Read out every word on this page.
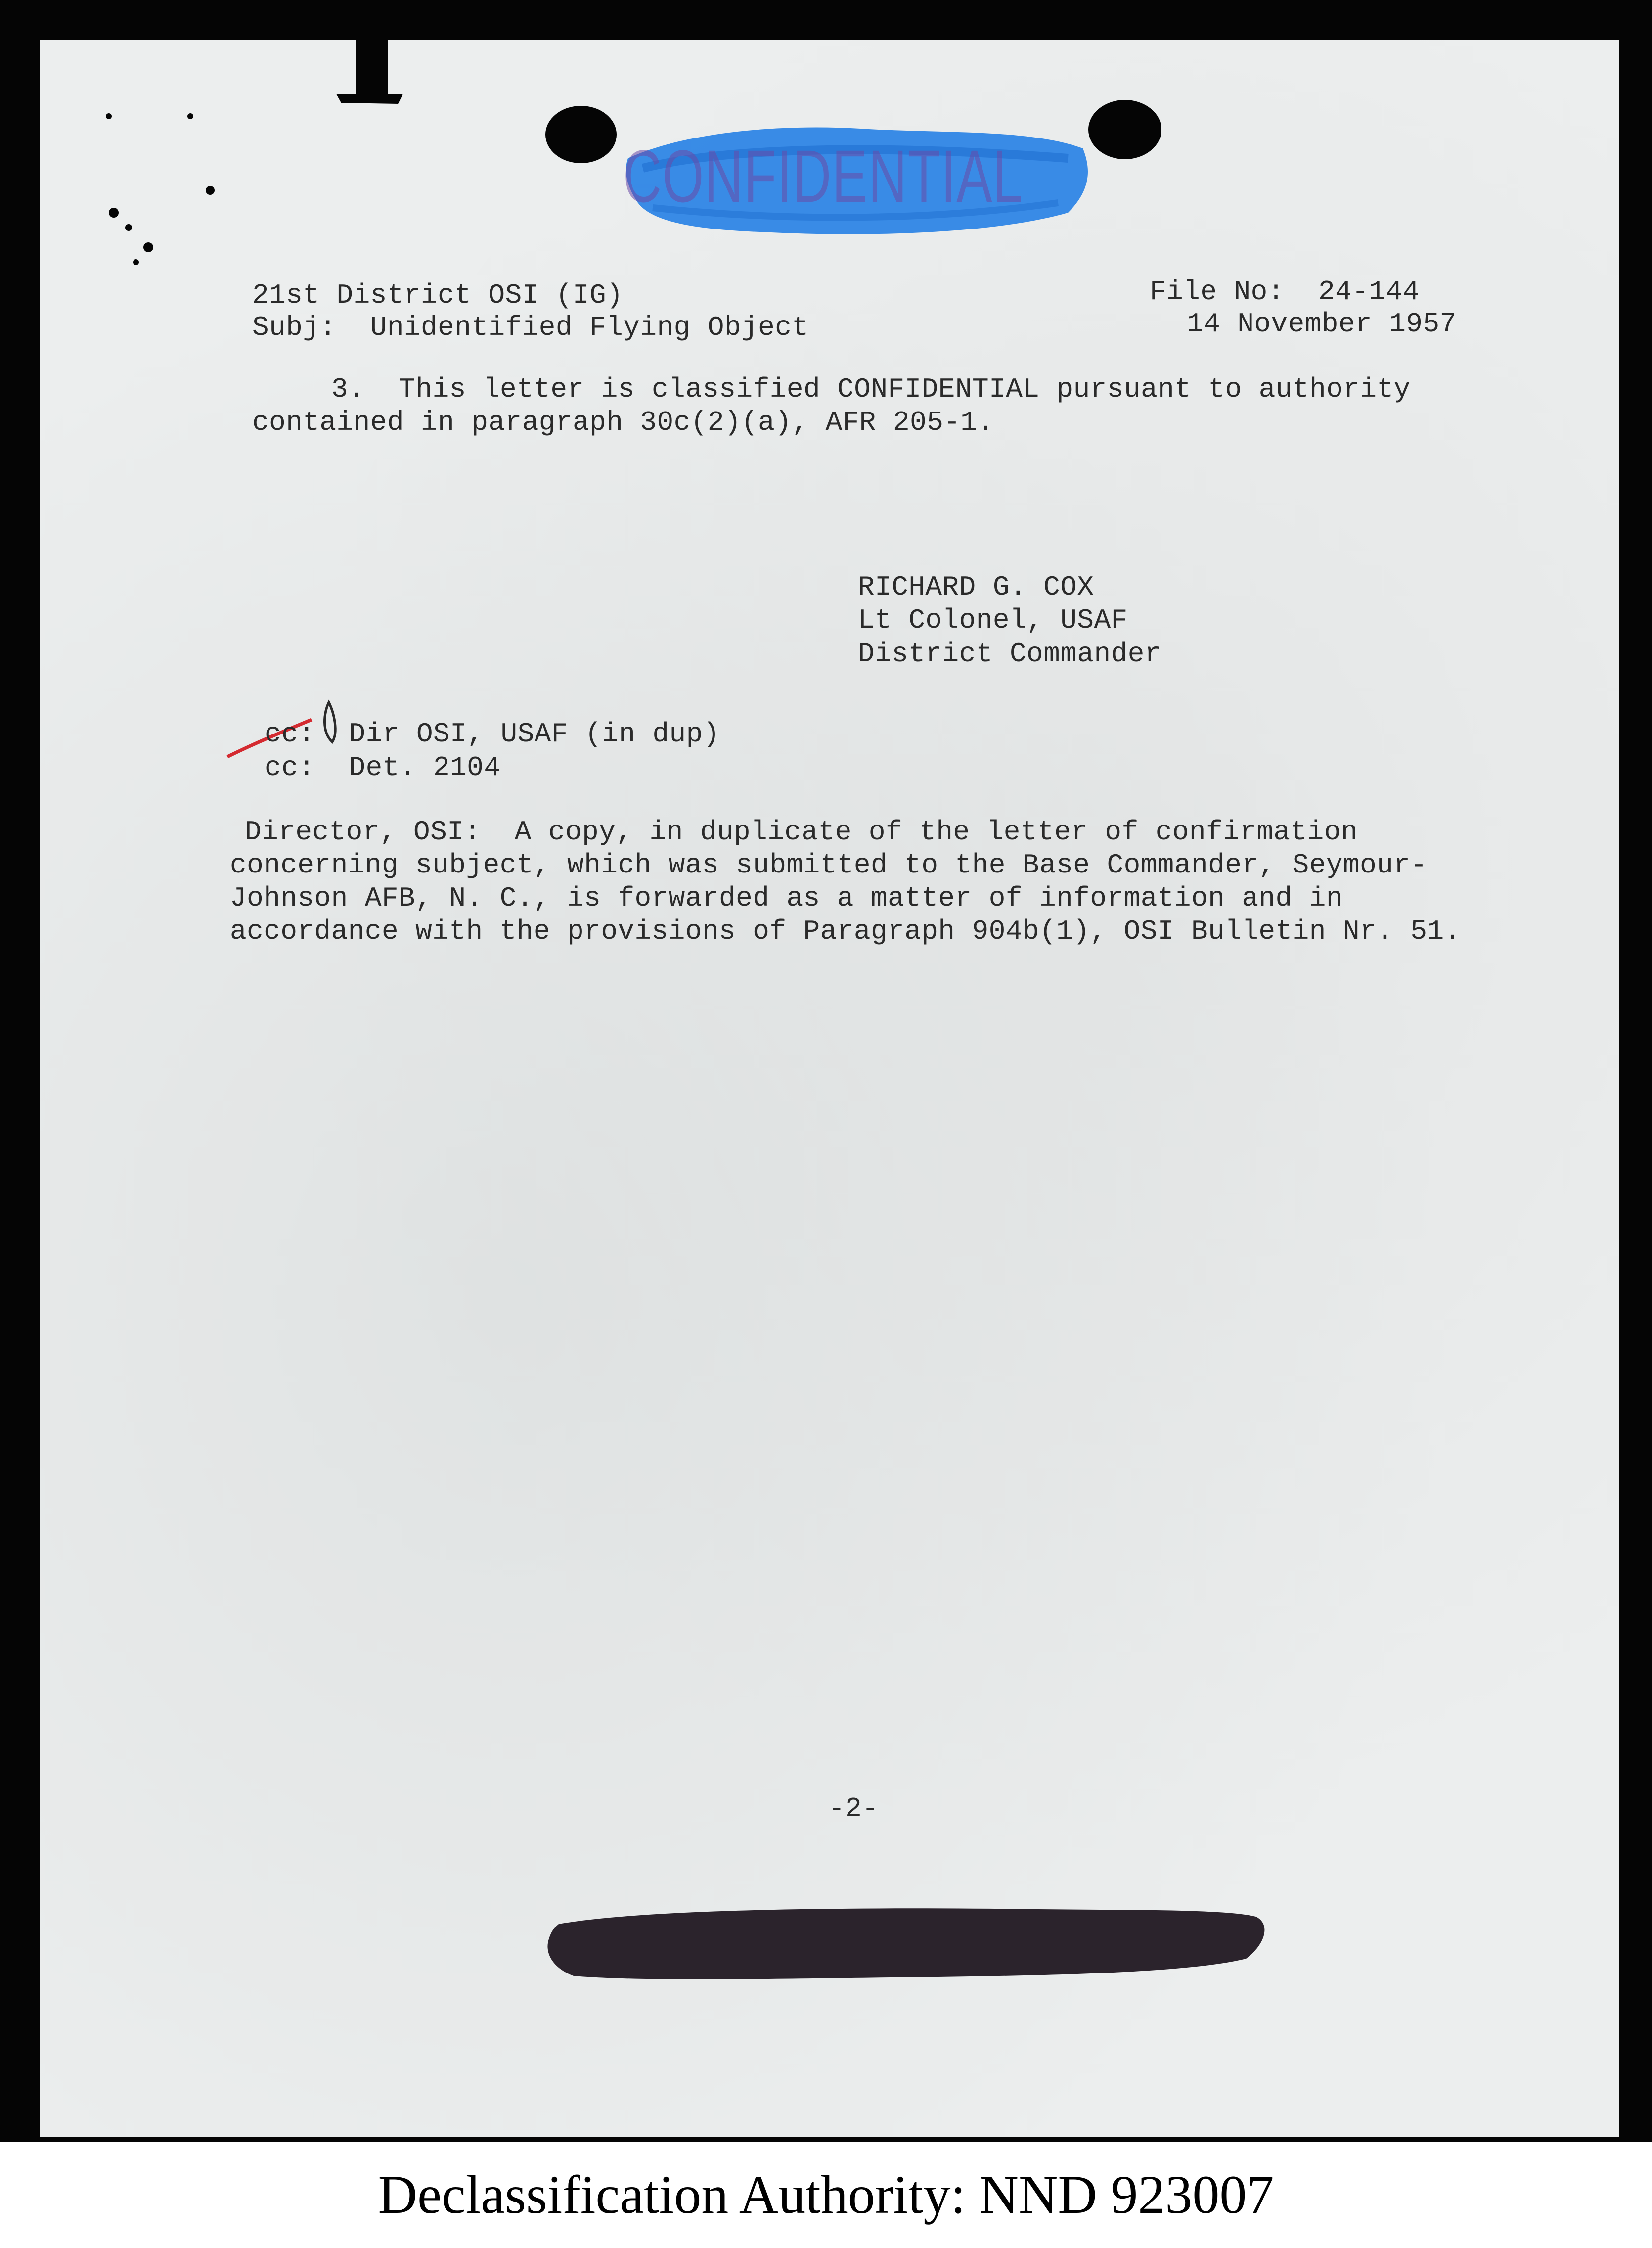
CONFIDENTIAL
21st District OSI (IG)
Subj:  Unidentified Flying Object
File No:  24-144
14 November 1957
3.  This letter is classified CONFIDENTIAL pursuant to authority
contained in paragraph 30c(2)(a), AFR 205-1.
RICHARD G. COX
Lt Colonel, USAF
District Commander
cc:  Dir OSI, USAF (in dup)
cc:  Det. 2104
Director, OSI:  A copy, in duplicate of the letter of confirmation
concerning subject, which was submitted to the Base Commander, Seymour-
Johnson AFB, N. C., is forwarded as a matter of information and in
accordance with the provisions of Paragraph 904b(1), OSI Bulletin Nr. 51.
-2-
Declassification Authority: NND 923007
